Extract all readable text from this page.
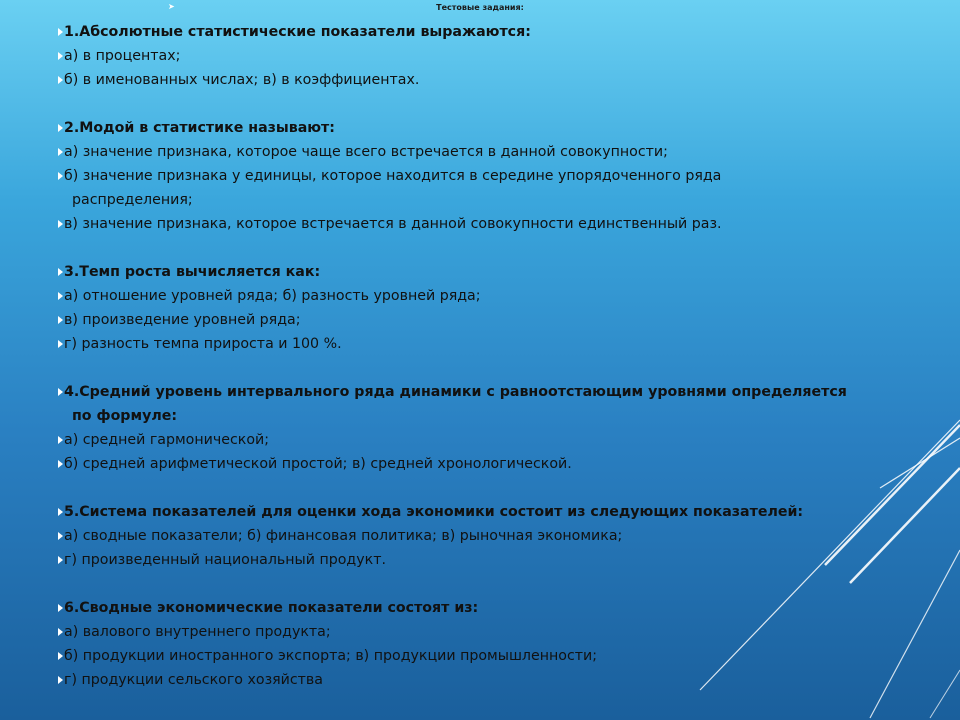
➤	Тестовые задания:
1.Абсолютные статистические показатели выражаются:
а) в процентах;
б) в именованных числах; в) в коэффициентах.
2.Модой в статистике называют:
а) значение признака, которое чаще всего встречается в данной совокупности;
б) значение признака у единицы, которое находится в середине упорядоченного ряда
распределения;
в) значение признака, которое встречается в данной совокупности единственный раз.
3.Темп роста вычисляется как:
а) отношение уровней ряда; б) разность уровней ряда;
в) произведение уровней ряда;
г) разность темпа прироста и 100 %.
4.Средний уровень интервального ряда динамики с равноотстающим уровнями определяется
по формуле:
а) средней гармонической;
б) средней арифметической простой; в) средней хронологической.
5.Система показателей для оценки хода экономики состоит из следующих показателей:
а) сводные показатели; б) финансовая политика; в) рыночная экономика;
г) произведенный национальный продукт.
6.Сводные экономические показатели состоят из:
а) валового внутреннего продукта;
б) продукции иностранного экспорта; в) продукции промышленности;
г) продукции сельского хозяйства
